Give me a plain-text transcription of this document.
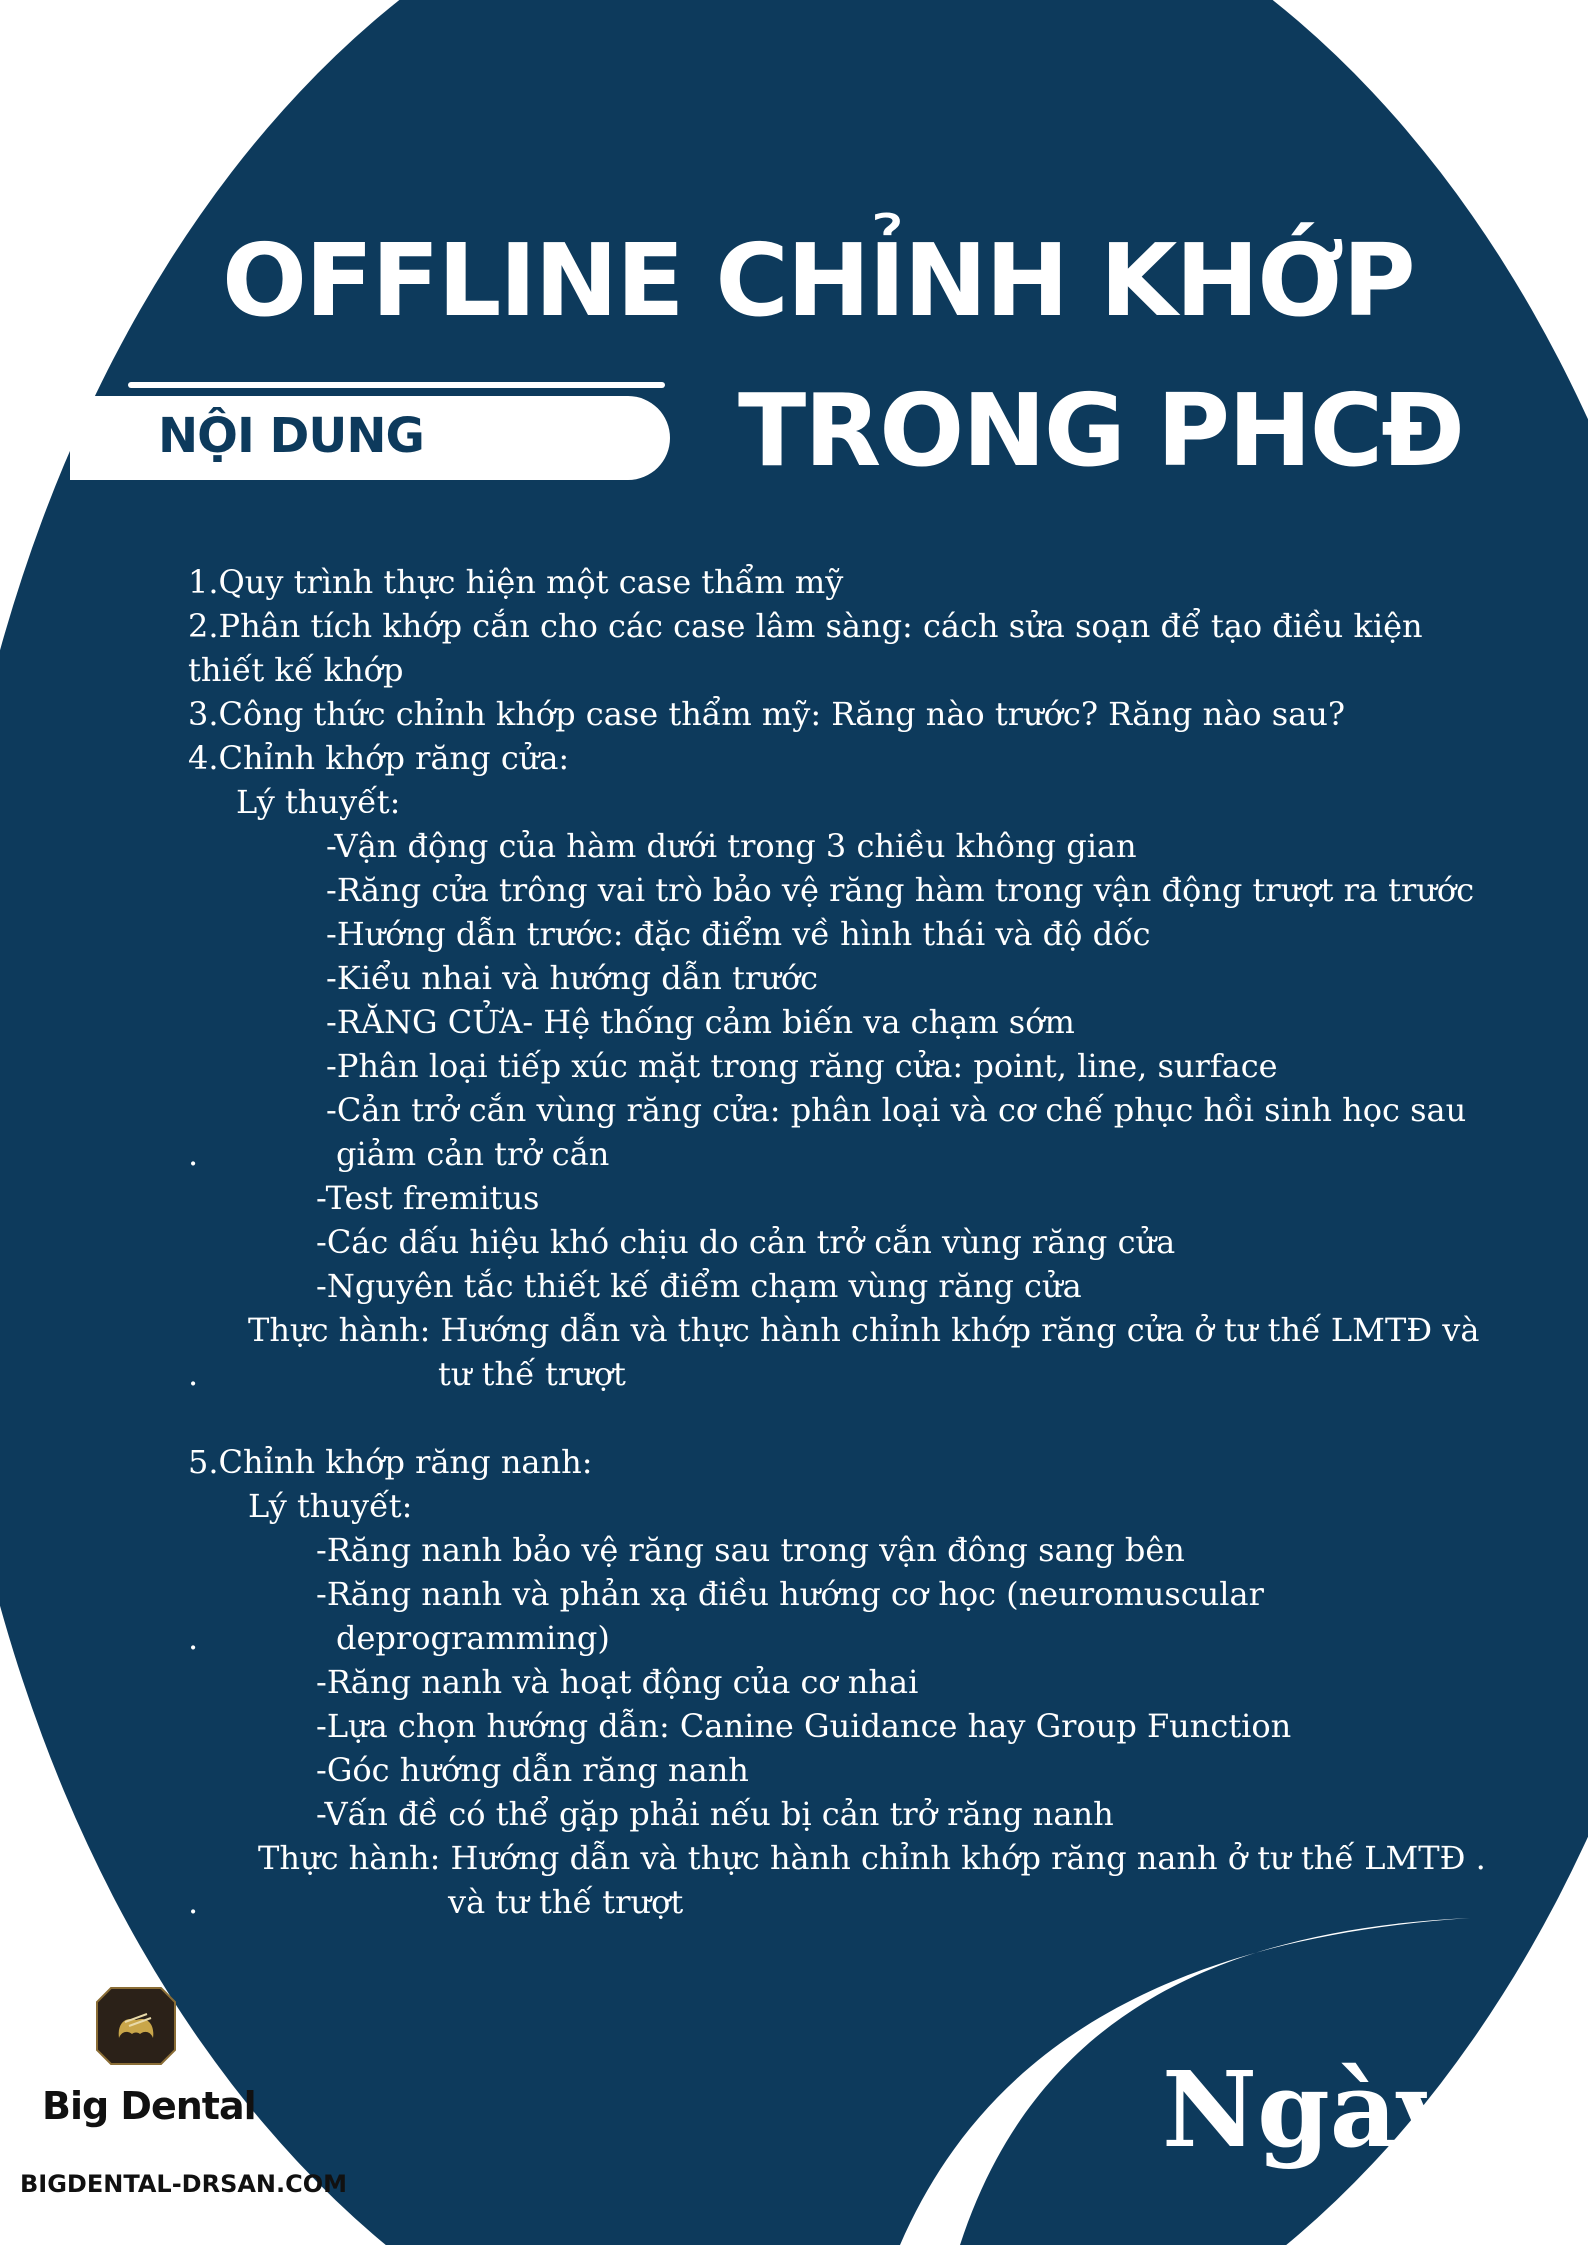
OFFLINE CHỈNH KHỚP
NỘI DUNG	TRONG PHCĐ
1.Quy trình thực hiện một case thẩm mỹ
2.Phân tích khớp cắn cho các case lâm sàng: cách sửa soạn để tạo điều kiện
thiết kế khớp
3.Công thức chỉnh khớp case thẩm mỹ: Răng nào trước? Răng nào sau?
4.Chỉnh khớp răng cửa:
Lý thuyết:
-Vận động của hàm dưới trong 3 chiều không gian
-Răng cửa trông vai trò bảo vệ răng hàm trong vận động trượt ra trước
-Hướng dẫn trước: đặc điểm về hình thái và độ dốc
-Kiểu nhai và hướng dẫn trước
-RĂNG CỬA- Hệ thống cảm biến va chạm sớm
-Phân loại tiếp xúc mặt trong răng cửa: point, line, surface
-Cản trở cắn vùng răng cửa: phân loại và cơ chế phục hồi sinh học sau
.	giảm cản trở cắn
-Test fremitus
-Các dấu hiệu khó chịu do cản trở cắn vùng răng cửa
-Nguyên tắc thiết kế điểm chạm vùng răng cửa
Thực hành: Hướng dẫn và thực hành chỉnh khớp răng cửa ở tư thế LMTĐ và
.	tư thế trượt
5.Chỉnh khớp răng nanh:
Lý thuyết:
-Răng nanh bảo vệ răng sau trong vận đông sang bên
-Răng nanh và phản xạ điều hướng cơ học (neuromuscular
.	deprogramming)
-Răng nanh và hoạt động của cơ nhai
-Lựa chọn hướng dẫn: Canine Guidance hay Group Function
-Góc hướng dẫn răng nanh
-Vấn đề có thể gặp phải nếu bị cản trở răng nanh
Thực hành: Hướng dẫn và thực hành chỉnh khớp răng nanh ở tư thế LMTĐ .
.	và tư thế trượt
Ngày 1
Big Dental
BIGDENTAL-DRSAN.COM
